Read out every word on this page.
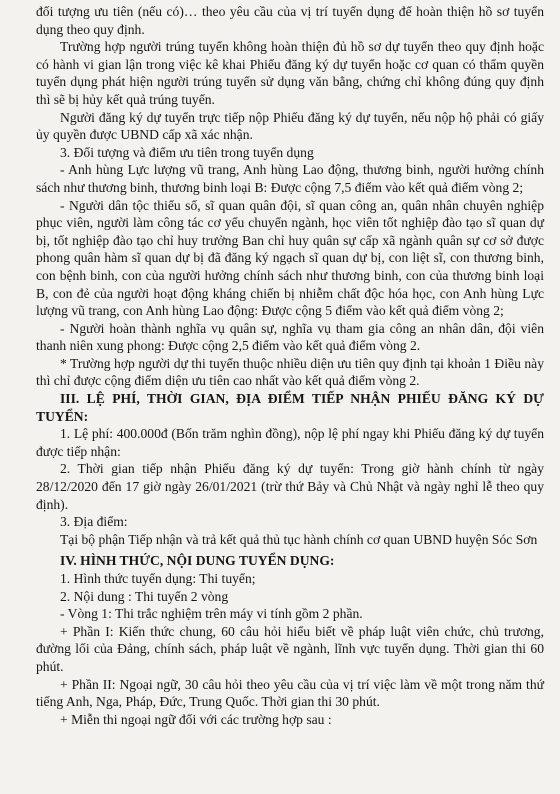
đối tượng ưu tiên (nếu có)… theo yêu cầu của vị trí tuyển dụng để hoàn thiện hồ sơ tuyển dụng theo quy định.

Trường hợp người trúng tuyển không hoàn thiện đủ hồ sơ dự tuyển theo quy định hoặc có hành vi gian lận trong việc kê khai Phiếu đăng ký dự tuyển hoặc cơ quan có thẩm quyền tuyển dụng phát hiện người trúng tuyển sử dụng văn bằng, chứng chỉ không đúng quy định thì sẽ bị hủy kết quả trúng tuyển.

Người đăng ký dự tuyển trực tiếp nộp Phiếu đăng ký dự tuyển, nếu nộp hộ phải có giấy ủy quyền được UBND cấp xã xác nhận.

3. Đối tượng và điểm ưu tiên trong tuyển dụng

- Anh hùng Lực lượng vũ trang, Anh hùng Lao động, thương binh, người hưởng chính sách như thương binh, thương binh loại B: Được cộng 7,5 điểm vào kết quả điểm vòng 2;

- Người dân tộc thiểu số, sĩ quan quân đội, sĩ quan công an, quân nhân chuyên nghiệp phục viên, người làm công tác cơ yếu chuyển ngành, học viên tốt nghiệp đào tạo sĩ quan dự bị, tốt nghiệp đào tạo chỉ huy trưởng Ban chỉ huy quân sự cấp xã ngành quân sự cơ sở được phong quân hàm sĩ quan dự bị đã đăng ký ngạch sĩ quan dự bị, con liệt sĩ, con thương binh, con bệnh binh, con của người hưởng chính sách như thương binh, con của thương binh loại B, con đẻ của người hoạt động kháng chiến bị nhiễm chất độc hóa học, con Anh hùng Lực lượng vũ trang, con Anh hùng Lao động: Được cộng 5 điểm vào kết quả điểm vòng 2;

- Người hoàn thành nghĩa vụ quân sự, nghĩa vụ tham gia công an nhân dân, đội viên thanh niên xung phong: Được cộng 2,5 điểm vào kết quả điểm vòng 2.

* Trường hợp người dự thi tuyển thuộc nhiều diện ưu tiên quy định tại khoản 1 Điều này thì chỉ được cộng điểm diện ưu tiên cao nhất vào kết quả điểm vòng 2.

III. LỆ PHÍ, THỜI GIAN, ĐỊA ĐIỂM TIẾP NHẬN PHIẾU ĐĂNG KÝ DỰ TUYỂN:

1. Lệ phí: 400.000đ (Bốn trăm nghìn đồng), nộp lệ phí ngay khi Phiếu đăng ký dự tuyển được tiếp nhận:

2. Thời gian tiếp nhận Phiếu đăng ký dự tuyển: Trong giờ hành chính từ ngày 28/12/2020 đến 17 giờ ngày 26/01/2021 (trừ thứ Bảy và Chủ Nhật và ngày nghỉ lễ theo quy định).

3. Địa điểm:

Tại bộ phận Tiếp nhận và trả kết quả thủ tục hành chính cơ quan UBND huyện Sóc Sơn

IV. HÌNH THỨC, NỘI DUNG TUYỂN DỤNG:

1. Hình thức tuyển dụng: Thi tuyển;

2. Nội dung : Thi tuyển 2 vòng

- Vòng 1: Thi trắc nghiệm trên máy vi tính gồm 2 phần.

+ Phần I: Kiến thức chung, 60 câu hỏi hiểu biết về pháp luật viên chức, chủ trương, đường lối của Đảng, chính sách, pháp luật về ngành, lĩnh vực tuyển dụng. Thời gian thi 60 phút.

+ Phần II: Ngoại ngữ, 30 câu hỏi theo yêu cầu của vị trí việc làm về một trong năm thứ tiếng Anh, Nga, Pháp, Đức, Trung Quốc. Thời gian thi 30 phút.

+ Miễn thi ngoại ngữ đối với các trường hợp sau :
